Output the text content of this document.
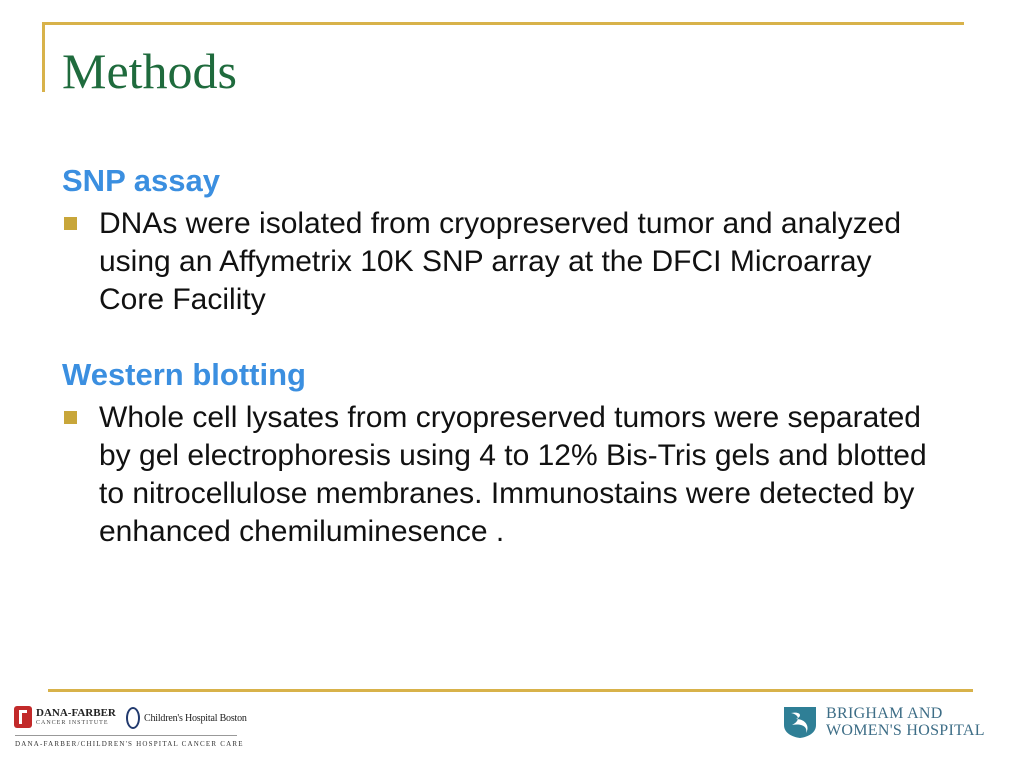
Methods

SNP assay

DNAs were isolated from cryopreserved tumor and analyzed using an Affymetrix 10K SNP array at the DFCI Microarray Core Facility

Western blotting

Whole cell lysates from cryopreserved tumors were separated by gel electrophoresis using 4 to 12% Bis-Tris gels and blotted to nitrocellulose membranes. Immunostains were detected by enhanced chemiluminesence .
DANA-FARBER
CANCER INSTITUTE	Children's Hospital Boston
DANA-FARBER/CHILDREN'S HOSPITAL CANCER CARE
BRIGHAM AND
WOMEN'S HOSPITAL
